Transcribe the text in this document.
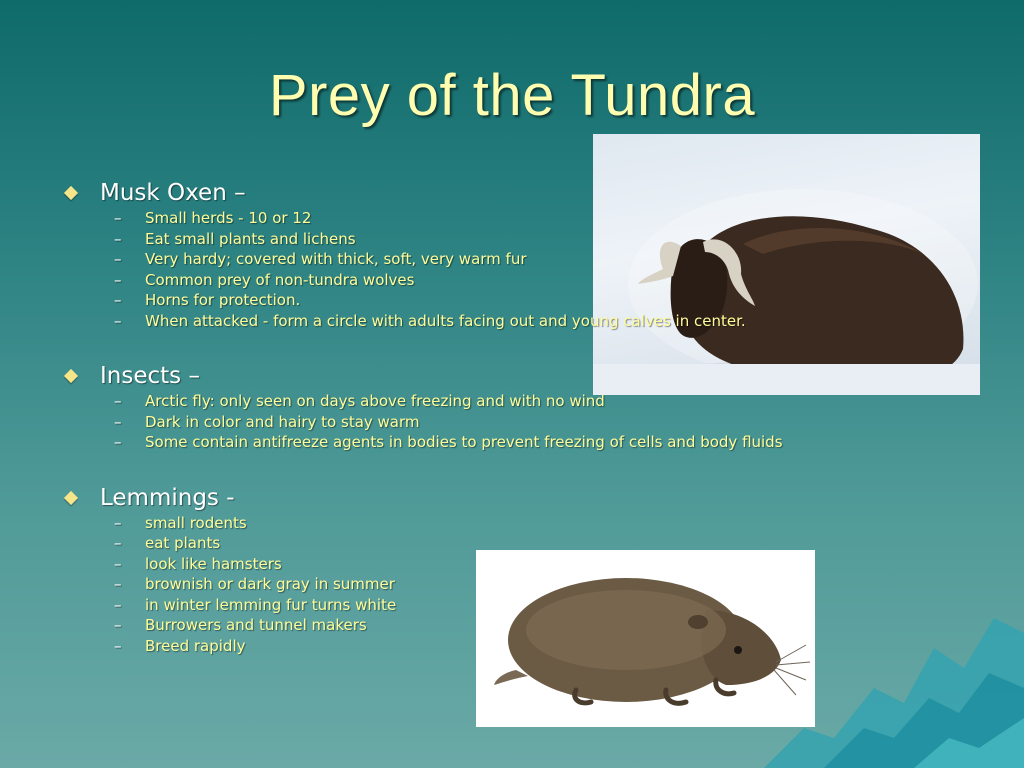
Prey of the Tundra
Musk Oxen –
– Small herds - 10 or 12
– Eat small plants and lichens
– Very hardy; covered with thick, soft, very warm fur
– Common prey of non-tundra wolves
– Horns for protection.
– When attacked - form a circle with adults facing out and young calves in center.
Insects –
– Arctic fly: only seen on days above freezing and with no wind
– Dark in color and hairy to stay warm
– Some contain antifreeze agents in bodies to prevent freezing of cells and body fluids
Lemmings -
– small rodents
– eat plants
– look like hamsters
– brownish or dark gray in summer
– in winter lemming fur turns white
– Burrowers and tunnel makers
– Breed rapidly
